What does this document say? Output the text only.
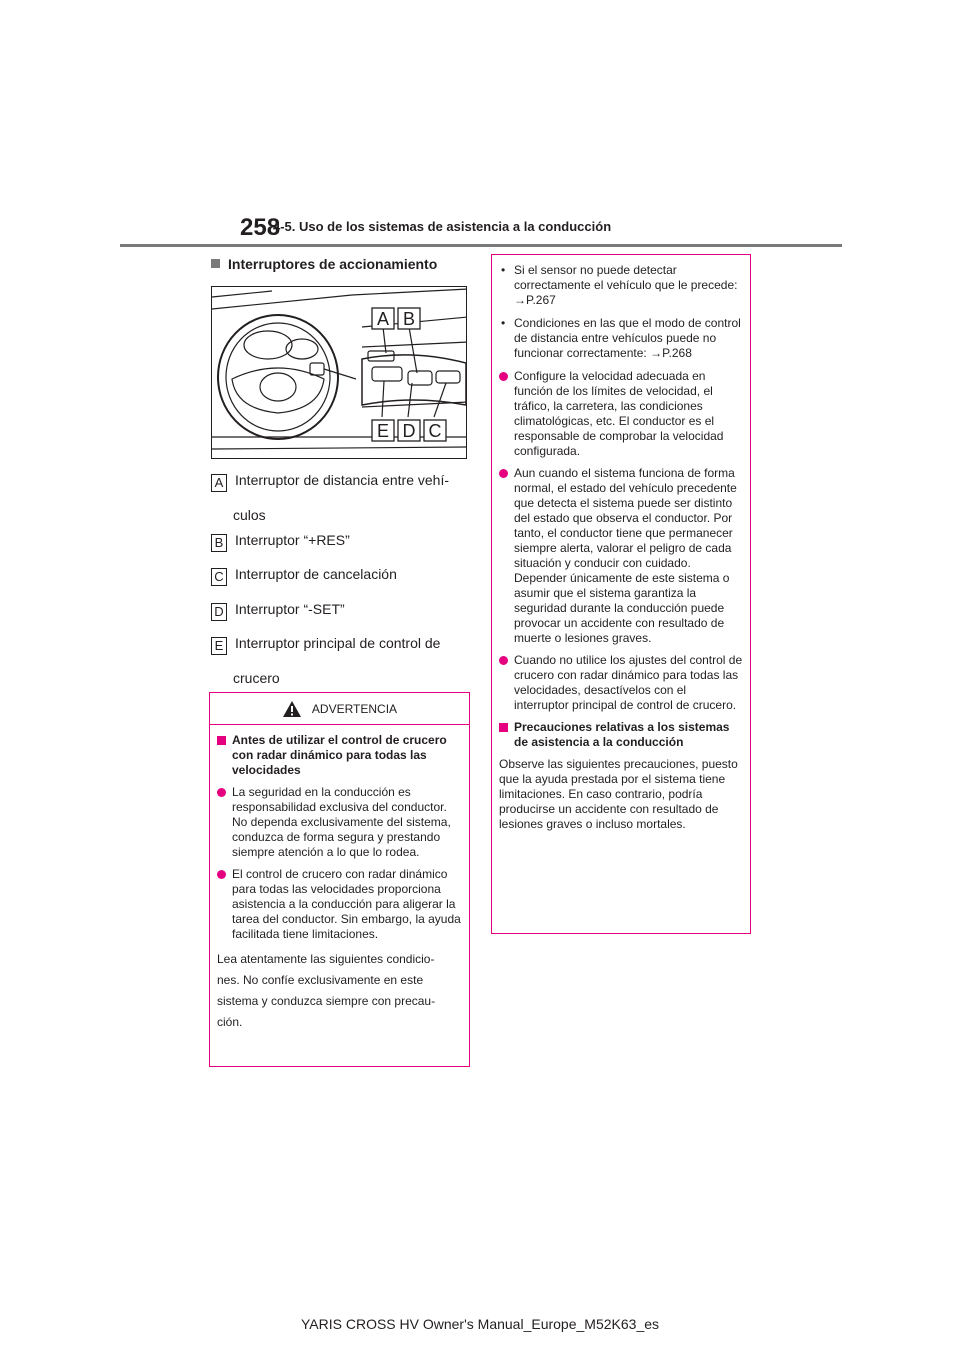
258
4-5. Uso de los sistemas de asistencia a la conducción
Interruptores de accionamiento
A B
E D C
A Interruptor de distancia entre vehí-
culos
B Interruptor “+RES”
C Interruptor de cancelación
D Interruptor “-SET”
E Interruptor principal de control de
crucero
ADVERTENCIA
Antes de utilizar el control de crucero con radar dinámico para todas las velocidades
La seguridad en la conducción es responsabilidad exclusiva del conductor. No dependa exclusivamente del sistema, conduzca de forma segura y prestando siempre atención a lo que lo rodea.
El control de crucero con radar dinámico para todas las velocidades proporciona asistencia a la conducción para aligerar la tarea del conductor. Sin embargo, la ayuda facilitada tiene limitaciones.

Lea atentamente las siguientes condicio-

nes. No confíe exclusivamente en este

sistema y conduzca siempre con precau-

ción.

• Si el sensor no puede detectar correctamente el vehículo que le precede: →P.267
• Condiciones en las que el modo de control de distancia entre vehículos puede no funcionar correctamente: →P.268
Configure la velocidad adecuada en función de los límites de velocidad, el tráfico, la carretera, las condiciones climatológicas, etc. El conductor es el responsable de comprobar la velocidad configurada.
Aun cuando el sistema funciona de forma normal, el estado del vehículo precedente que detecta el sistema puede ser distinto del estado que observa el conductor. Por tanto, el conductor tiene que permanecer siempre alerta, valorar el peligro de cada situación y conducir con cuidado. Depender únicamente de este sistema o asumir que el sistema garantiza la seguridad durante la conducción puede provocar un accidente con resultado de muerte o lesiones graves.
Cuando no utilice los ajustes del control de crucero con radar dinámico para todas las velocidades, desactívelos con el interruptor principal de control de crucero.
Precauciones relativas a los sistemas de asistencia a la conducción
Observe las siguientes precauciones, puesto que la ayuda prestada por el sistema tiene limitaciones. En caso contrario, podría producirse un accidente con resultado de lesiones graves o incluso mortales.
YARIS CROSS HV Owner's Manual_Europe_M52K63_es
